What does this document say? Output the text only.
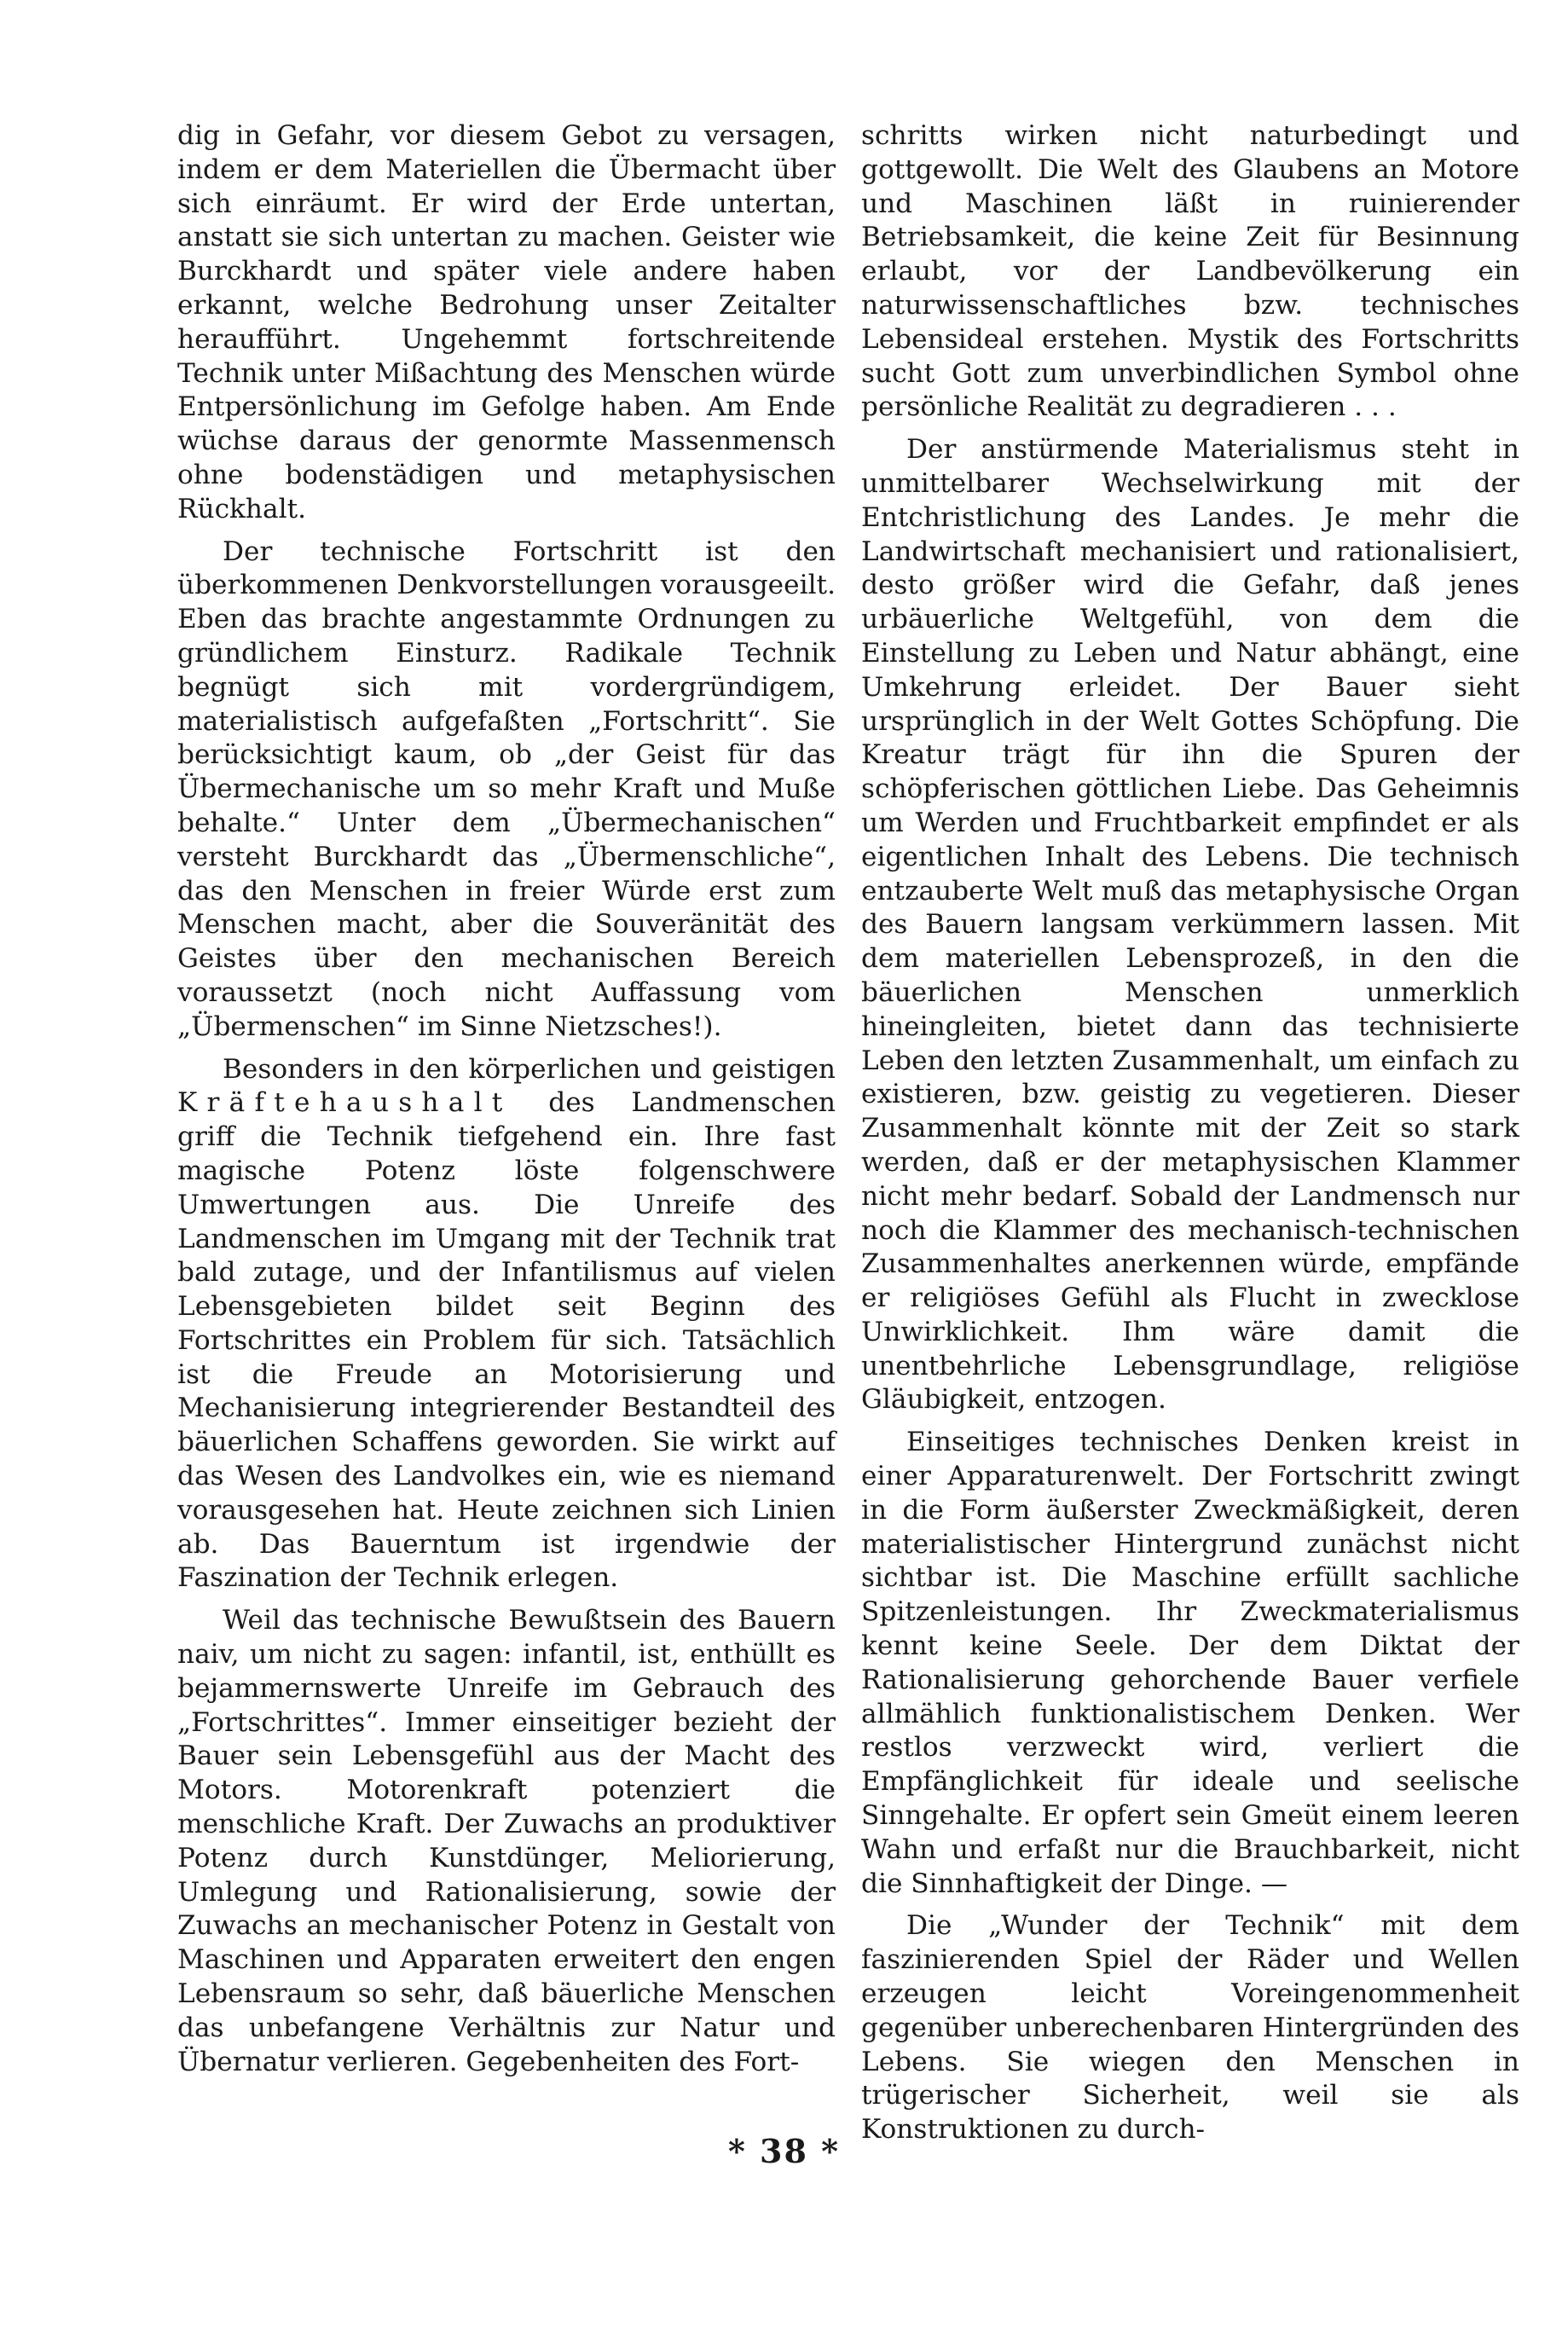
dig in Gefahr, vor diesem Gebot zu versagen, indem er dem Materiellen die Übermacht über sich einräumt. Er wird der Erde untertan, anstatt sie sich untertan zu machen. Geister wie Burckhardt und später viele andere haben erkannt, welche Bedrohung unser Zeitalter heraufführt. Ungehemmt fortschreitende Technik unter Mißachtung des Menschen würde Entpersönlichung im Gefolge haben. Am Ende wüchse daraus der genormte Massenmensch ohne bodenstädigen und metaphysischen Rückhalt.

Der technische Fortschritt ist den überkommenen Denkvorstellungen vorausgeeilt. Eben das brachte angestammte Ordnungen zu gründlichem Einsturz. Radikale Technik begnügt sich mit vordergründigem, materialistisch aufgefaßten „Fortschritt“. Sie berücksichtigt kaum, ob „der Geist für das Übermechanische um so mehr Kraft und Muße behalte.“ Unter dem „Übermechanischen“ versteht Burckhardt das „Übermenschliche“, das den Menschen in freier Würde erst zum Menschen macht, aber die Souveränität des Geistes über den mechanischen Bereich voraussetzt (noch nicht Auffassung vom „Übermenschen“ im Sinne Nietzsches!).

Besonders in den körperlichen und geistigen Kräftehaushalt des Landmenschen griff die Technik tiefgehend ein. Ihre fast magische Potenz löste folgenschwere Umwertungen aus. Die Unreife des Landmenschen im Umgang mit der Technik trat bald zutage, und der Infantilismus auf vielen Lebensgebieten bildet seit Beginn des Fortschrittes ein Problem für sich. Tatsächlich ist die Freude an Motorisierung und Mechanisierung integrierender Bestandteil des bäuerlichen Schaffens geworden. Sie wirkt auf das Wesen des Landvolkes ein, wie es niemand vorausgesehen hat. Heute zeichnen sich Linien ab. Das Bauerntum ist irgendwie der Faszination der Technik erlegen.

Weil das technische Bewußtsein des Bauern naiv, um nicht zu sagen: infantil, ist, enthüllt es bejammernswerte Unreife im Gebrauch des „Fortschrittes“. Immer einseitiger bezieht der Bauer sein Lebensgefühl aus der Macht des Motors. Motorenkraft potenziert die menschliche Kraft. Der Zuwachs an produktiver Potenz durch Kunstdünger, Meliorierung, Umlegung und Rationalisierung, sowie der Zuwachs an mechanischer Potenz in Gestalt von Maschinen und Apparaten erweitert den engen Lebensraum so sehr, daß bäuerliche Menschen das unbefangene Verhältnis zur Natur und Übernatur verlieren. Gegebenheiten des Fort-

schritts wirken nicht naturbedingt und gottgewollt. Die Welt des Glaubens an Motore und Maschinen läßt in ruinierender Betriebsamkeit, die keine Zeit für Besinnung erlaubt, vor der Landbevölkerung ein naturwissenschaftliches bzw. technisches Lebensideal erstehen. Mystik des Fortschritts sucht Gott zum unverbindlichen Symbol ohne persönliche Realität zu degradieren . . .

Der anstürmende Materialismus steht in unmittelbarer Wechselwirkung mit der Entchristlichung des Landes. Je mehr die Landwirtschaft mechanisiert und rationalisiert, desto größer wird die Gefahr, daß jenes urbäuerliche Weltgefühl, von dem die Einstellung zu Leben und Natur abhängt, eine Umkehrung erleidet. Der Bauer sieht ursprünglich in der Welt Gottes Schöpfung. Die Kreatur trägt für ihn die Spuren der schöpferischen göttlichen Liebe. Das Geheimnis um Werden und Fruchtbarkeit empfindet er als eigentlichen Inhalt des Lebens. Die technisch entzauberte Welt muß das metaphysische Organ des Bauern langsam verkümmern lassen. Mit dem materiellen Lebensprozeß, in den die bäuerlichen Menschen unmerklich hineingleiten, bietet dann das technisierte Leben den letzten Zusammenhalt, um einfach zu existieren, bzw. geistig zu vegetieren. Dieser Zusammenhalt könnte mit der Zeit so stark werden, daß er der metaphysischen Klammer nicht mehr bedarf. Sobald der Landmensch nur noch die Klammer des mechanisch-technischen Zusammenhaltes anerkennen würde, empfände er religiöses Gefühl als Flucht in zwecklose Unwirklichkeit. Ihm wäre damit die unentbehrliche Lebensgrundlage, religiöse Gläubigkeit, entzogen.

Einseitiges technisches Denken kreist in einer Apparaturenwelt. Der Fortschritt zwingt in die Form äußerster Zweckmäßigkeit, deren materialistischer Hintergrund zunächst nicht sichtbar ist. Die Maschine erfüllt sachliche Spitzenleistungen. Ihr Zweckmaterialismus kennt keine Seele. Der dem Diktat der Rationalisierung gehorchende Bauer verfiele allmählich funktionalistischem Denken. Wer restlos verzweckt wird, verliert die Empfänglichkeit für ideale und seelische Sinngehalte. Er opfert sein Gmeüt einem leeren Wahn und erfaßt nur die Brauchbarkeit, nicht die Sinnhaftigkeit der Dinge. —

Die „Wunder der Technik“ mit dem faszinierenden Spiel der Räder und Wellen erzeugen leicht Voreingenommenheit gegenüber unberechenbaren Hintergründen des Lebens. Sie wiegen den Menschen in trügerischer Sicherheit, weil sie als Konstruktionen zu durch-

* 38 *
